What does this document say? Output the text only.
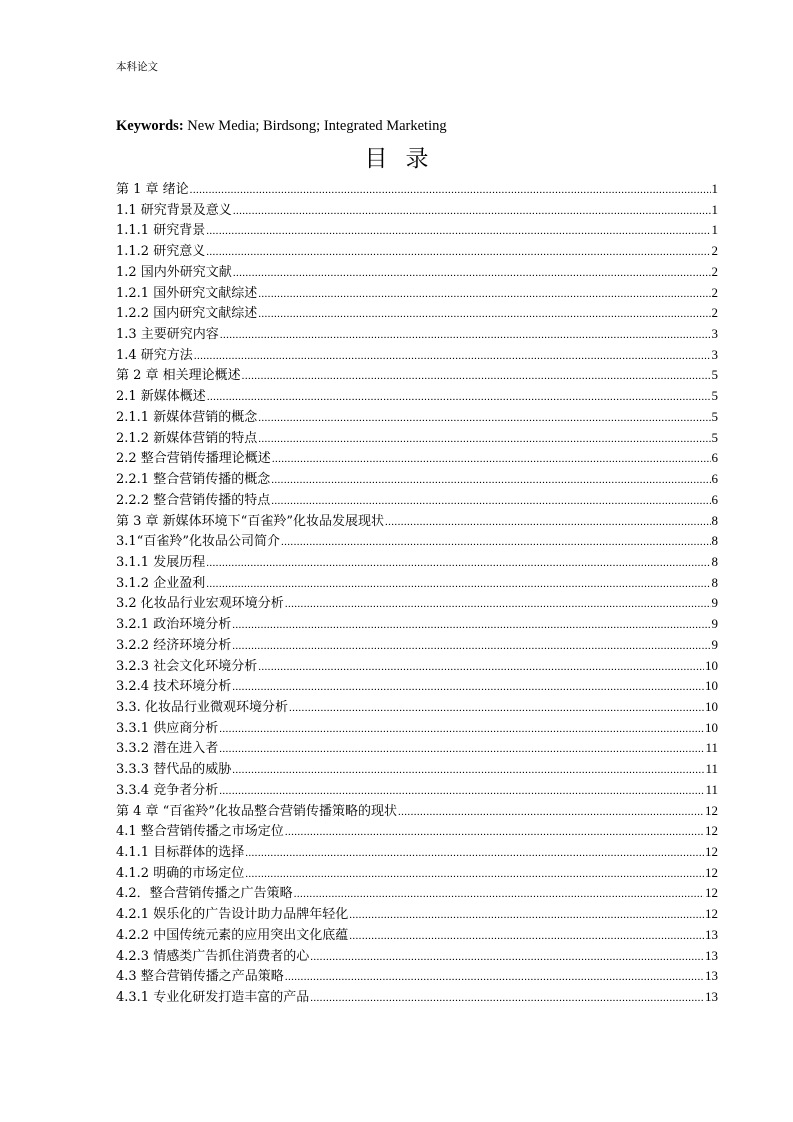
本科论文
Keywords: New Media; Birdsong; Integrated Marketing
目录
第 1 章 绪论 .....	1
1.1 研究背景及意义 .....	1
1.1.1 研究背景 .....	1
1.1.2 研究意义 .....	2
1.2 国内外研究文献 .....	2
1.2.1 国外研究文献综述 .....	2
1.2.2 国内研究文献综述 .....	2
1.3 主要研究内容 .....	3
1.4 研究方法 .....	3
第 2 章 相关理论概述 .....	5
2.1 新媒体概述 .....	5
2.1.1 新媒体营销的概念 .....	5
2.1.2 新媒体营销的特点 .....	5
2.2 整合营销传播理论概述 .....	6
2.2.1 整合营销传播的概念 .....	6
2.2.2 整合营销传播的特点 .....	6
第 3 章 新媒体环境下“百雀羚”化妆品发展现状 .....	8
3.1“百雀羚”化妆品公司简介 .....	8
3.1.1 发展历程 .....	8
3.1.2 企业盈利 .....	8
3.2 化妆品行业宏观环境分析 .....	9
3.2.1 政治环境分析 .....	9
3.2.2 经济环境分析 .....	9
3.2.3 社会文化环境分析 .....	10
3.2.4 技术环境分析 .....	10
3.3. 化妆品行业微观环境分析 .....	10
3.3.1 供应商分析 .....	10
3.3.2 潜在进入者 .....	11
3.3.3 替代品的威胁 .....	11
3.3.4 竞争者分析 .....	11
第 4 章 “百雀羚”化妆品整合营销传播策略的现状 .....	12
4.1 整合营销传播之市场定位 .....	12
4.1.1 目标群体的选择 .....	12
4.1.2 明确的市场定位 .....	12
4.2．整合营销传播之广告策略 .....	12
4.2.1 娱乐化的广告设计助力品牌年轻化 .....	12
4.2.2 中国传统元素的应用突出文化底蕴 .....	13
4.2.3 情感类广告抓住消费者的心 .....	13
4.3 整合营销传播之产品策略 .....	13
4.3.1 专业化研发打造丰富的产品 .....	13
